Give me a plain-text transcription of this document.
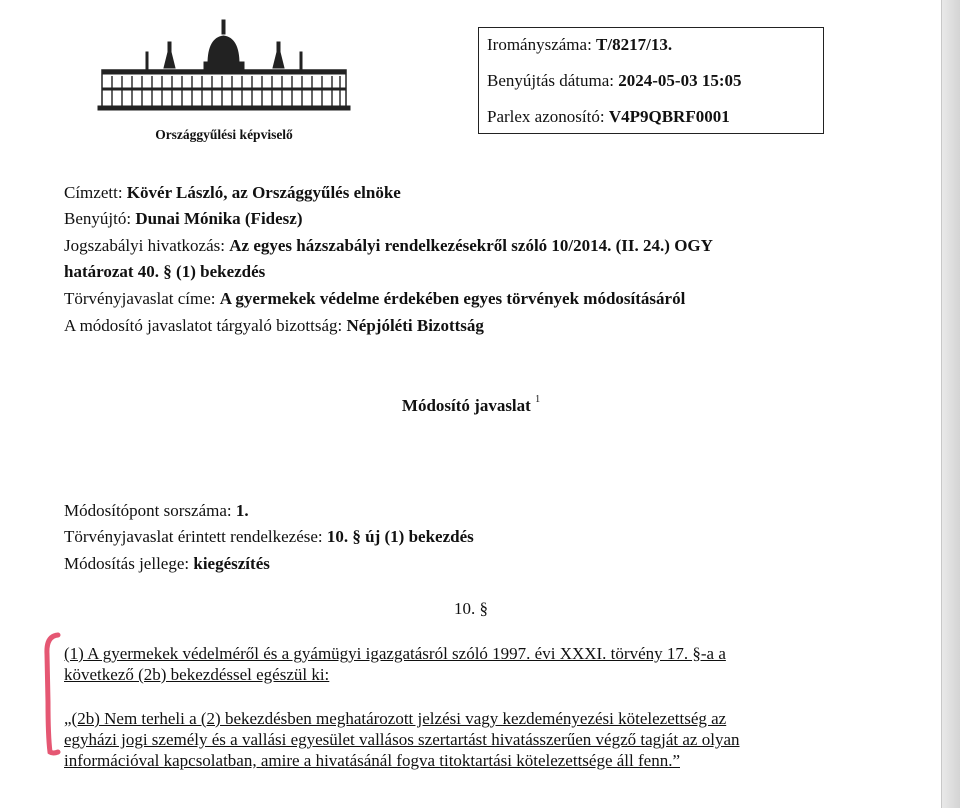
Országgyűlési képviselő
Irományszáma: T/8217/13.
Benyújtás dátuma: 2024-05-03 15:05
Parlex azonosító: V4P9QBRF0001
Címzett: Kövér László, az Országgyűlés elnöke
Benyújtó: Dunai Mónika (Fidesz)
Jogszabályi hivatkozás: Az egyes házszabályi rendelkezésekről szóló 10/2014. (II. 24.) OGY
határozat 40. § (1) bekezdés
Törvényjavaslat címe: A gyermekek védelme érdekében egyes törvények módosításáról
A módosító javaslatot tárgyaló bizottság: Népjóléti Bizottság
Módosító javaslat $^1$
Módosítópont sorszáma: 1.
Törvényjavaslat érintett rendelkezése: 10. § új (1) bekezdés
Módosítás jellege: kiegészítés
10. §
(1) A gyermekek védelméről és a gyámügyi igazgatásról szóló 1997. évi XXXI. törvény 17. §-a a
következő (2b) bekezdéssel egészül ki:
„(2b) Nem terheli a (2) bekezdésben meghatározott jelzési vagy kezdeményezési kötelezettség az
egyházi jogi személy és a vallási egyesület vallásos szertartást hivatásszerűen végző tagját az olyan
információval kapcsolatban, amire a hivatásánál fogva titoktartási kötelezettsége áll fenn.”
